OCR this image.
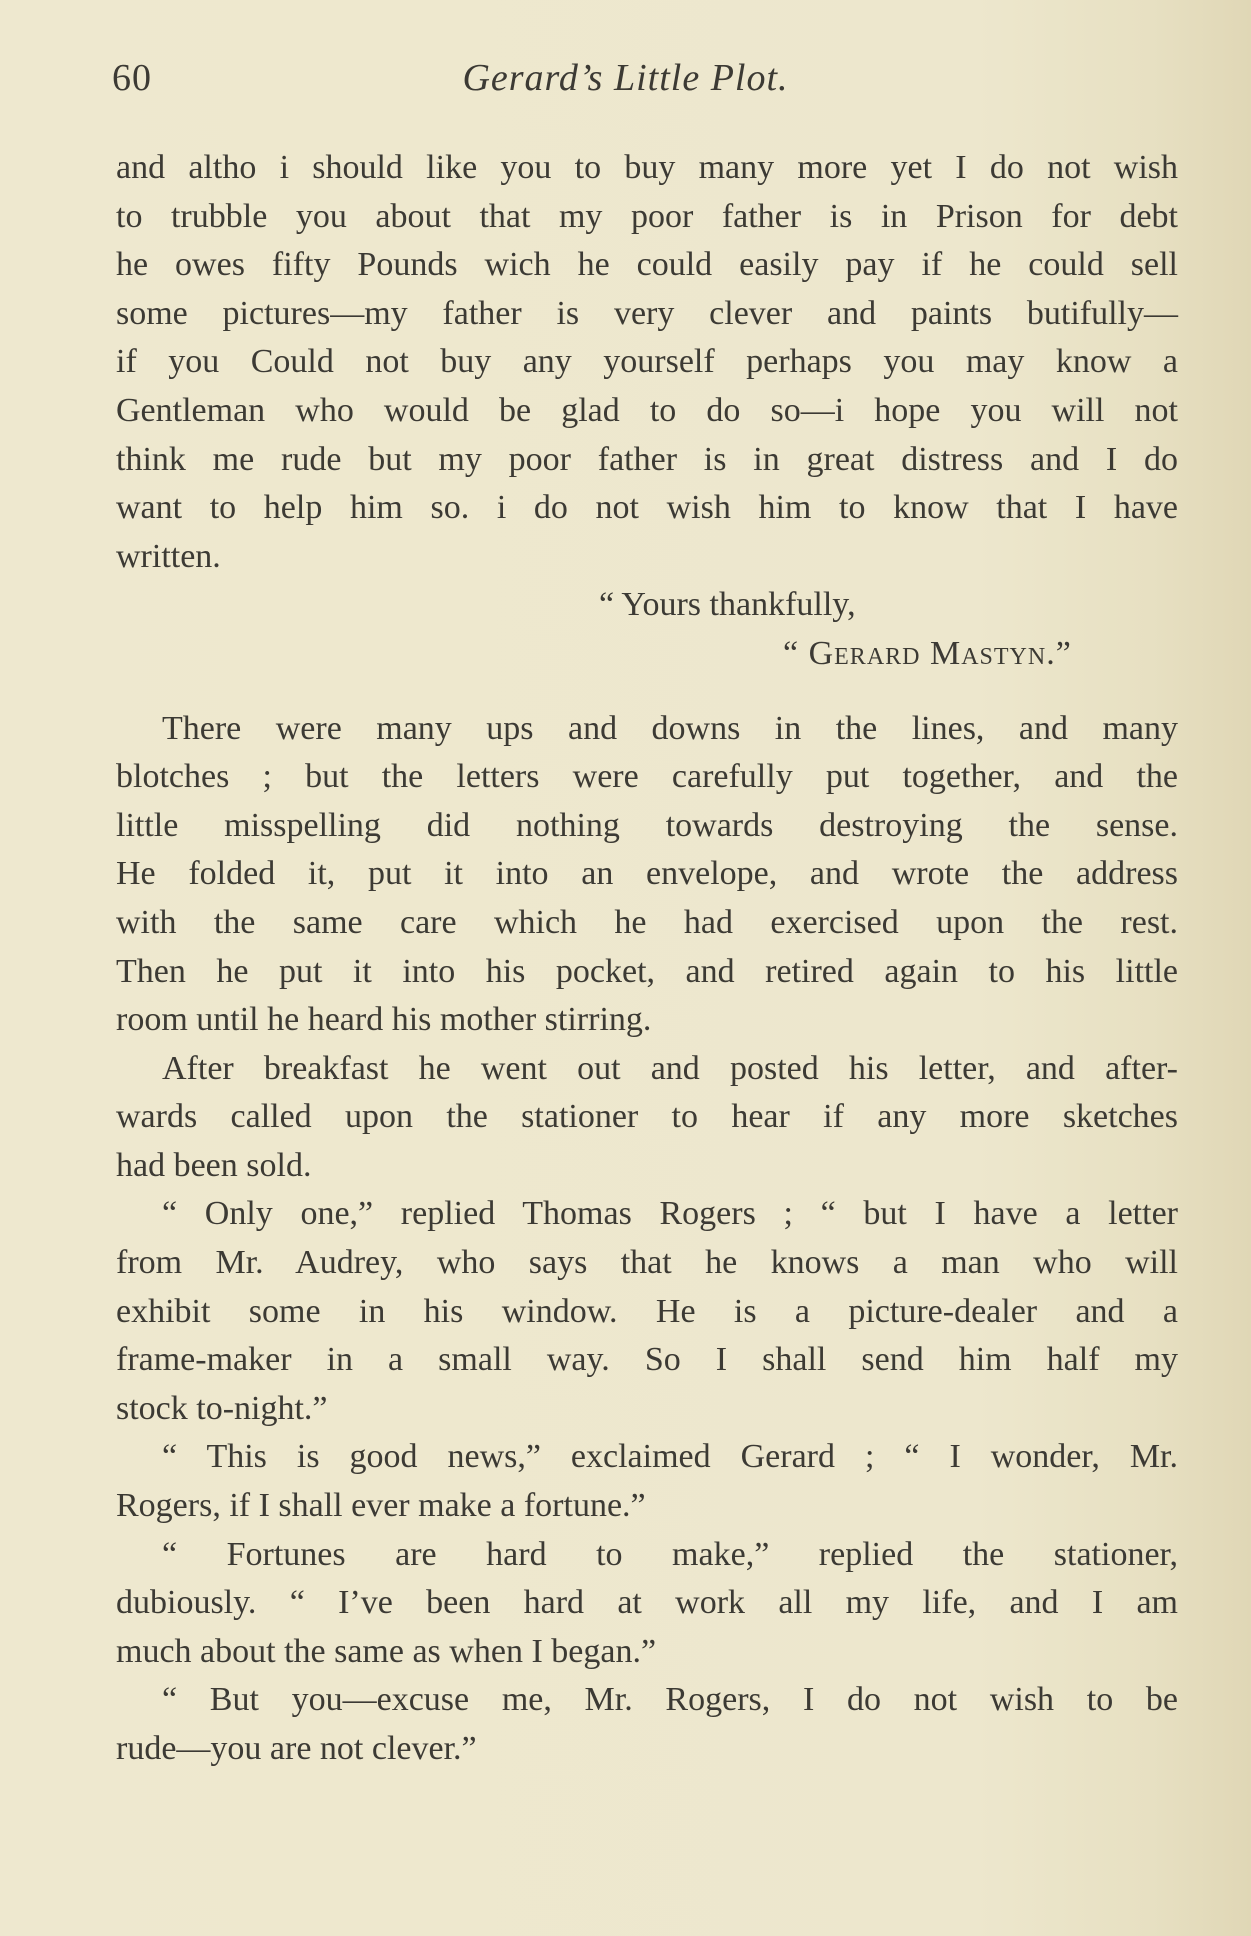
60	Gerard’s Little Plot.
and altho i should like you to buy many more yet I do not wish
to trubble you about that my poor father is in Prison for debt
he owes fifty Pounds wich he could easily pay if he could sell
some pictures—my father is very clever and paints butifully—
if you Could not buy any yourself perhaps you may know a
Gentleman who would be glad to do so—i hope you will not
think me rude but my poor father is in great distress and I do
want to help him so. i do not wish him to know that I have
written.
“ Yours thankfully,
“ Gerard Mastyn.”
There were many ups and downs in the lines, and many
blotches ; but the letters were carefully put together, and the
little misspelling did nothing towards destroying the sense.
He folded it, put it into an envelope, and wrote the address
with the same care which he had exercised upon the rest.
Then he put it into his pocket, and retired again to his little
room until he heard his mother stirring.
After breakfast he went out and posted his letter, and after-
wards called upon the stationer to hear if any more sketches
had been sold.
“ Only one,” replied Thomas Rogers ; “ but I have a letter
from Mr. Audrey, who says that he knows a man who will
exhibit some in his window. He is a picture-dealer and a
frame-maker in a small way. So I shall send him half my
stock to-night.”
“ This is good news,” exclaimed Gerard ; “ I wonder, Mr.
Rogers, if I shall ever make a fortune.”
“ Fortunes are hard to make,” replied the stationer,
dubiously. “ I’ve been hard at work all my life, and I am
much about the same as when I began.”
“ But you—excuse me, Mr. Rogers, I do not wish to be
rude—you are not clever.”
